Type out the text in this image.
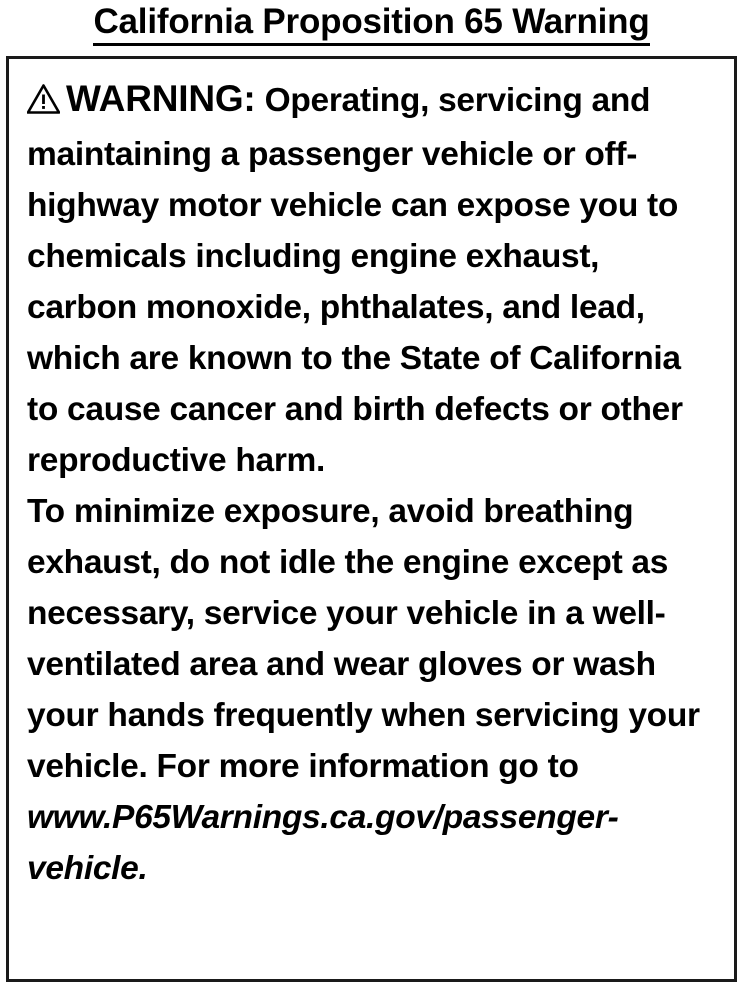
California Proposition 65 Warning
WARNING: Operating, servicing and maintaining a passenger vehicle or off-highway motor vehicle can expose you to chemicals including engine exhaust, carbon monoxide, phthalates, and lead, which are known to the State of California to cause cancer and birth defects or other reproductive harm.
To minimize exposure, avoid breathing exhaust, do not idle the engine except as necessary, service your vehicle in a well-ventilated area and wear gloves or wash your hands frequently when servicing your vehicle. For more information go to www.P65Warnings.ca.gov/passenger-vehicle.
